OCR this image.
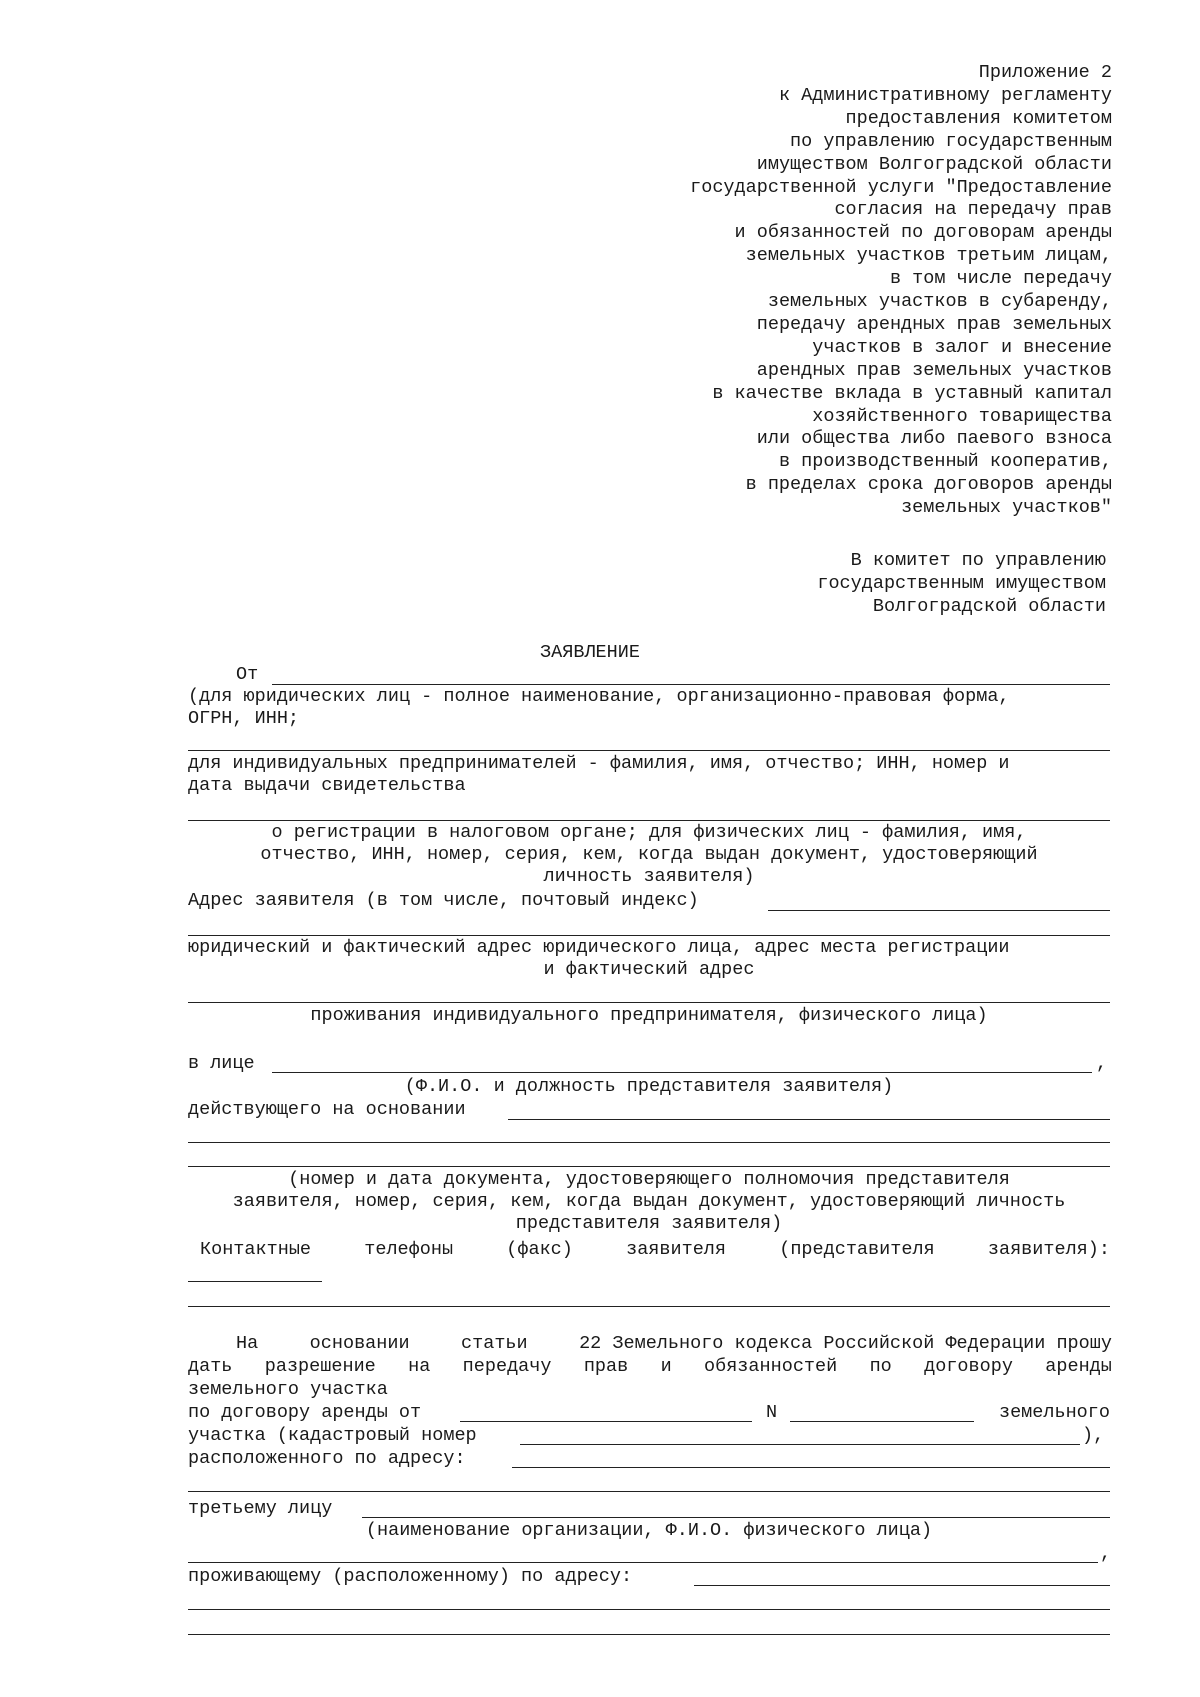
Приложение 2
к Административному регламенту
предоставления комитетом
по управлению государственным
имуществом Волгоградской области
государственной услуги "Предоставление
согласия на передачу прав
и обязанностей по договорам аренды
земельных участков третьим лицам,
в том числе передачу
земельных участков в субаренду,
передачу арендных прав земельных
участков в залог и внесение
арендных прав земельных участков
в качестве вклада в уставный капитал
хозяйственного товарищества
или общества либо паевого взноса
в производственный кооператив,
в пределах срока договоров аренды
земельных участков"
В комитет по управлению
государственным имуществом
Волгоградской области
ЗАЯВЛЕНИЕ
От
(для юридических лиц - полное наименование, организационно-правовая форма,
ОГРН, ИНН;
для индивидуальных предпринимателей - фамилия, имя, отчество; ИНН, номер и
дата выдачи свидетельства
о регистрации в налоговом органе; для физических лиц - фамилия, имя,
отчество, ИНН, номер, серия, кем, когда выдан документ, удостоверяющий
личность заявителя)
Адрес заявителя (в том числе, почтовый индекс)
юридический и фактический адрес юридического лица, адрес места регистрации
и фактический адрес
проживания индивидуального предпринимателя, физического лица)
в лице	,
(Ф.И.О. и должность представителя заявителя)
действующего на основании
(номер и дата документа, удостоверяющего полномочия представителя
заявителя, номер, серия, кем, когда выдан документ, удостоверяющий личность
представителя заявителя)
Контактные	телефоны	(факс)	заявителя	(представителя	заявителя):
На	основании	статьи	22 Земельного кодекса Российской Федерации прошу
дать разрешение на передачу прав и обязанностей по договору аренды
земельного участка
по договору аренды от	N	земельного
участка (кадастровый номер	),
расположенного по адресу:
третьему лицу
(наименование организации, Ф.И.О. физического лица)
,
проживающему (расположенному) по адресу:
